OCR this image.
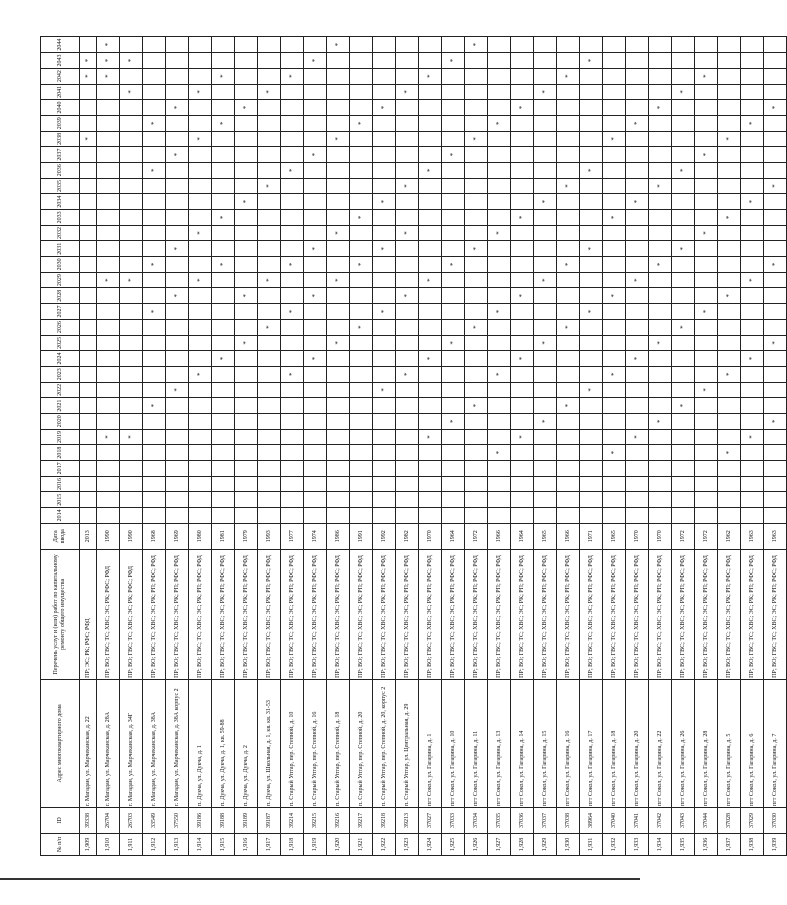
№ п/п	ID	Адрес многоквартирного дома	Перечень услуг и (или) работ по капитальному ремонту общего имущества	Дата ввода	2014	2015	2016	2017	2018	2019	2020	2021	2022	2023	2024	2025	2026	2027	2028	2029	2030	2031	2032	2033	2034	2035	2036	2037	2038	2039	2040	2041	2042	2043	2044
1,909	39338	г. Магадан, ул. Марчеканская, д. 22	ПР; ЭС; РК; РФС; РФД	2013																									*				*	*	
1,910	26704	г. Магадан, ул. Марчеканская, д. 28А	ПР; ВО; ГВС; ТС; ХВС; ЭС; РК; РФС; РФД	1990						*										*													*	*	*
1,911	26703	г. Магадан, ул. Марчеканская, д. 34Г	ПР; ВО; ГВС; ТС; ХВС; ЭС; РК; РФС; РФД	1990						*										*												*		*	
1,912	33549	г. Магадан, ул. Марчеканская, д. 38А	ПР; ВО; ГВС; ТС; ХВС; ЭС; РК; РП; РФС; РФД	1968								*						*			*						*			*					
1,913	37550	г. Магадан, ул. Марчеканская, д. 38А корпус 2	ПР; ВО; ГВС; ТС; ХВС; ЭС; РК; РП; РФС; РФД	1969									*						*			*						*			*				
1,914	39186	п. Дукча, ул. Дукча, д. 1	ПР; ВО; ГВС; ТС; ХВС; ЭС; РК; РП; РФС; РФД	1980										*						*			*						*			*			
1,915	39188	п. Дукча, ул. Дукча, д. 1, кв. 59-88	ПР; ВО; ГВС; ТС; ХВС; ЭС; РК; РП; РФС; РФД	1981											*						*			*						*			*		
1,916	39189	п. Дукча, ул. Дукча, д. 2	ПР; ВО; ГВС; ТС; ХВС; ЭС; РК; РП; РФС; РФД	1979												*			*						*						*				
1,917	39187	п. Дукча, ул. Школьная, д. 1, кв. кв. 31-53	ПР; ВО; ГВС; ТС; ХВС; ЭС; РК; РП; РФС; РФД	1993													*			*						*						*			
1,918	39214	п. Старый Уптар, пер. Степной, д. 10	ПР; ВО; ГВС; ТС; ХВС; ЭС; РК; РП; РФС; РФД	1977										*				*			*						*						*		
1,919	39215	п. Старый Уптар, пер. Степной, д. 16	ПР; ВО; ГВС; ТС; ХВС; ЭС; РК; РП; РФС; РФД	1974											*				*			*						*						*	
1,920	39216	п. Старый Уптар, пер. Степной, д. 18	ПР; ВО; ГВС; ТС; ХВС; ЭС; РК; РП; РФС; РФД	1986												*				*			*						*						*
1,921	39217	п. Старый Уптар, пер. Степной, д. 20	ПР; ВО; ГВС; ТС; ХВС; ЭС; РК; РП; РФС; РФД	1991													*				*			*						*					
1,922	39218	п. Старый Уптар, пер. Степной, д. 20, корпус 2	ПР; ВО; ГВС; ТС; ХВС; ЭС; РК; РП; РФС; РФД	1992									*					*				*			*						*				
1,923	39213	п. Старый Уптар, ул. Центральная, д. 29	ПР; ВО; ГВС; ТС; ХВС; ЭС; РК; РП; РФС; РФД	1982										*					*				*			*						*			
1,924	37027	пгт Сокол, ул. Гагарина, д. 1	ПР; ВО; ГВС; ТС; ХВС; ЭС; РК; РП; РФС; РФД	1970						*					*					*							*						*		
1,925	37033	пгт Сокол, ул. Гагарина, д. 10	ПР; ВО; ГВС; ТС; ХВС; ЭС; РК; РП; РФС; РФД	1964							*					*					*							*						*	
1,926	37034	пгт Сокол, ул. Гагарина, д. 11	ПР; ВО; ГВС; ТС; ХВС; ЭС; РК; РП; РФС; РФД	1972								*					*					*							*						*
1,927	37035	пгт Сокол, ул. Гагарина, д. 13	ПР; ВО; ГВС; ТС; ХВС; ЭС; РК; РП; РФС; РФД	1966					*					*				*					*							*					
1,928	37036	пгт Сокол, ул. Гагарина, д. 14	ПР; ВО; ГВС; ТС; ХВС; ЭС; РК; РП; РФС; РФД	1964						*					*				*					*							*				
1,929	37037	пгт Сокол, ул. Гагарина, д. 15	ПР; ВО; ГВС; ТС; ХВС; ЭС; РК; РП; РФС; РФД	1965							*					*				*					*							*			
1,930	37038	пгт Сокол, ул. Гагарина, д. 16	ПР; ВО; ГВС; ТС; ХВС; ЭС; РК; РП; РФС; РФД	1966								*					*				*					*							*		
1,931	38964	пгт Сокол, ул. Гагарина, д. 17	ПР; ВО; ГВС; ТС; ХВС; ЭС; РК; РП; РФС; РФД	1971									*					*				*					*							*	
1,932	37040	пгт Сокол, ул. Гагарина, д. 18	ПР; ВО; ГВС; ТС; ХВС; ЭС; РК; РП; РФС; РФД	1965					*					*					*					*					*						
1,933	37041	пгт Сокол, ул. Гагарина, д. 20	ПР; ВО; ГВС; ТС; ХВС; ЭС; РК; РП; РФС; РФД	1970						*					*					*					*					*					
1,934	37042	пгт Сокол, ул. Гагарина, д. 22	ПР; ВО; ГВС; ТС; ХВС; ЭС; РК; РП; РФС; РФД	1970							*					*					*					*					*				
1,935	37043	пгт Сокол, ул. Гагарина, д. 26	ПР; ВО; ГВС; ТС; ХВС; ЭС; РК; РП; РФС; РФД	1972								*					*					*					*					*			
1,936	37044	пгт Сокол, ул. Гагарина, д. 28	ПР; ВО; ГВС; ТС; ХВС; ЭС; РК; РП; РФС; РФД	1972									*					*					*					*					*		
1,937	37028	пгт Сокол, ул. Гагарина, д. 5	ПР; ВО; ГВС; ТС; ХВС; ЭС; РК; РП; РФС; РФД	1962					*					*					*					*					*						
1,938	37029	пгт Сокол, ул. Гагарина, д. 6	ПР; ВО; ГВС; ТС; ХВС; ЭС; РК; РП; РФС; РФД	1963						*					*					*					*					*					
1,939	37030	пгт Сокол, ул. Гагарина, д. 7	ПР; ВО; ГВС; ТС; ХВС; ЭС; РК; РП; РФС; РФД	1963							*					*					*					*					*				
